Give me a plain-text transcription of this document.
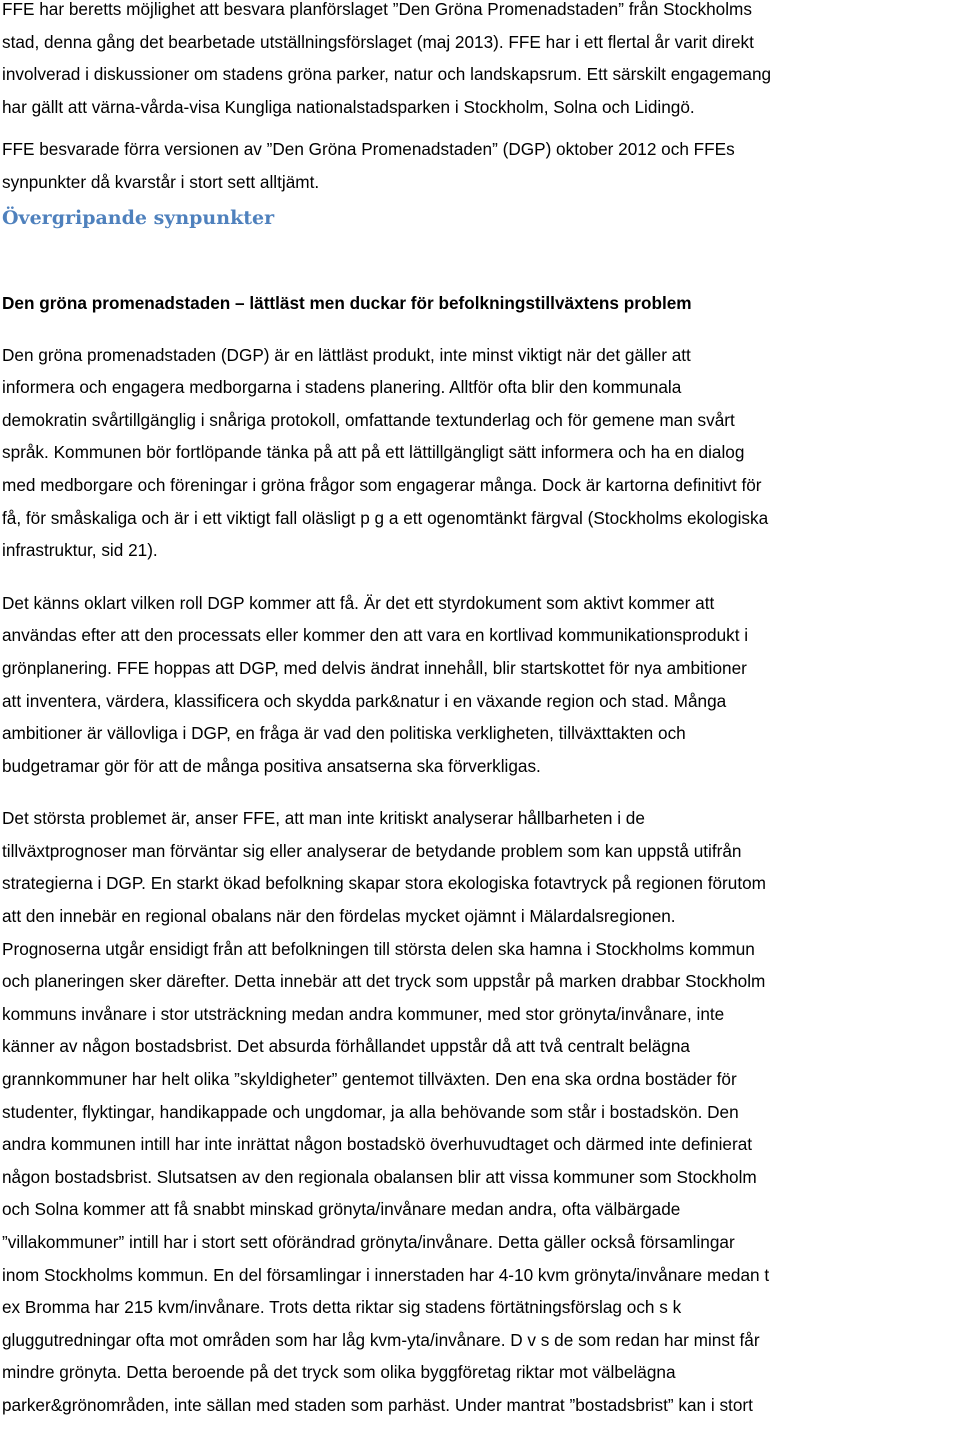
FFE har beretts möjlighet att besvara planförslaget ”Den Gröna Promenadstaden” från Stockholms
stad, denna gång det bearbetade utställningsförslaget (maj 2013). FFE har i ett flertal år varit direkt
involverad i diskussioner om stadens gröna parker, natur och landskapsrum. Ett särskilt engagemang
har gällt att värna-vårda-visa Kungliga nationalstadsparken i Stockholm, Solna och Lidingö.

FFE besvarade förra versionen av ”Den Gröna Promenadstaden” (DGP) oktober 2012 och FFEs
synpunkter då kvarstår i stort sett alltjämt.

Övergripande synpunkter
Den gröna promenadstaden – lättläst men duckar för befolkningstillväxtens problem

Den gröna promenadstaden (DGP) är en lättläst produkt, inte minst viktigt när det gäller att
informera och engagera medborgarna i stadens planering. Alltför ofta blir den kommunala
demokratin svårtillgänglig i snåriga protokoll, omfattande textunderlag och för gemene man svårt
språk. Kommunen bör fortlöpande tänka på att på ett lättillgängligt sätt informera och ha en dialog
med medborgare och föreningar i gröna frågor som engagerar många. Dock är kartorna definitivt för
få, för småskaliga och är i ett viktigt fall oläsligt p g a ett ogenomtänkt färgval (Stockholms ekologiska
infrastruktur, sid 21).

Det känns oklart vilken roll DGP kommer att få. Är det ett styrdokument som aktivt kommer att
användas efter att den processats eller kommer den att vara en kortlivad kommunikationsprodukt i
grönplanering. FFE hoppas att DGP, med delvis ändrat innehåll, blir startskottet för nya ambitioner
att inventera, värdera, klassificera och skydda park&natur i en växande region och stad. Många
ambitioner är vällovliga i DGP, en fråga är vad den politiska verkligheten, tillväxttakten och
budgetramar gör för att de många positiva ansatserna ska förverkligas.

Det största problemet är, anser FFE, att man inte kritiskt analyserar hållbarheten i de
tillväxtprognoser man förväntar sig eller analyserar de betydande problem som kan uppstå utifrån
strategierna i DGP. En starkt ökad befolkning skapar stora ekologiska fotavtryck på regionen förutom
att den innebär en regional obalans när den fördelas mycket ojämnt i Mälardalsregionen.
Prognoserna utgår ensidigt från att befolkningen till största delen ska hamna i Stockholms kommun
och planeringen sker därefter. Detta innebär att det tryck som uppstår på marken drabbar Stockholm
kommuns invånare i stor utsträckning medan andra kommuner, med stor grönyta/invånare, inte
känner av någon bostadsbrist. Det absurda förhållandet uppstår då att två centralt belägna
grannkommuner har helt olika ”skyldigheter” gentemot tillväxten. Den ena ska ordna bostäder för
studenter, flyktingar, handikappade och ungdomar, ja alla behövande som står i bostadskön. Den
andra kommunen intill har inte inrättat någon bostadskö överhuvudtaget och därmed inte definierat
någon bostadsbrist. Slutsatsen av den regionala obalansen blir att vissa kommuner som Stockholm
och Solna kommer att få snabbt minskad grönyta/invånare medan andra, ofta välbärgade
”villakommuner” intill har i stort sett oförändrad grönyta/invånare. Detta gäller också församlingar
inom Stockholms kommun. En del församlingar i innerstaden har 4-10 kvm grönyta/invånare medan t
ex Bromma har 215 kvm/invånare. Trots detta riktar sig stadens förtätningsförslag och s k
gluggutredningar ofta mot områden som har låg kvm-yta/invånare. D v s de som redan har minst får
mindre grönyta. Detta beroende på det tryck som olika byggföretag riktar mot välbelägna
parker&grönområden, inte sällan med staden som parhäst. Under mantrat ”bostadsbrist” kan i stort
